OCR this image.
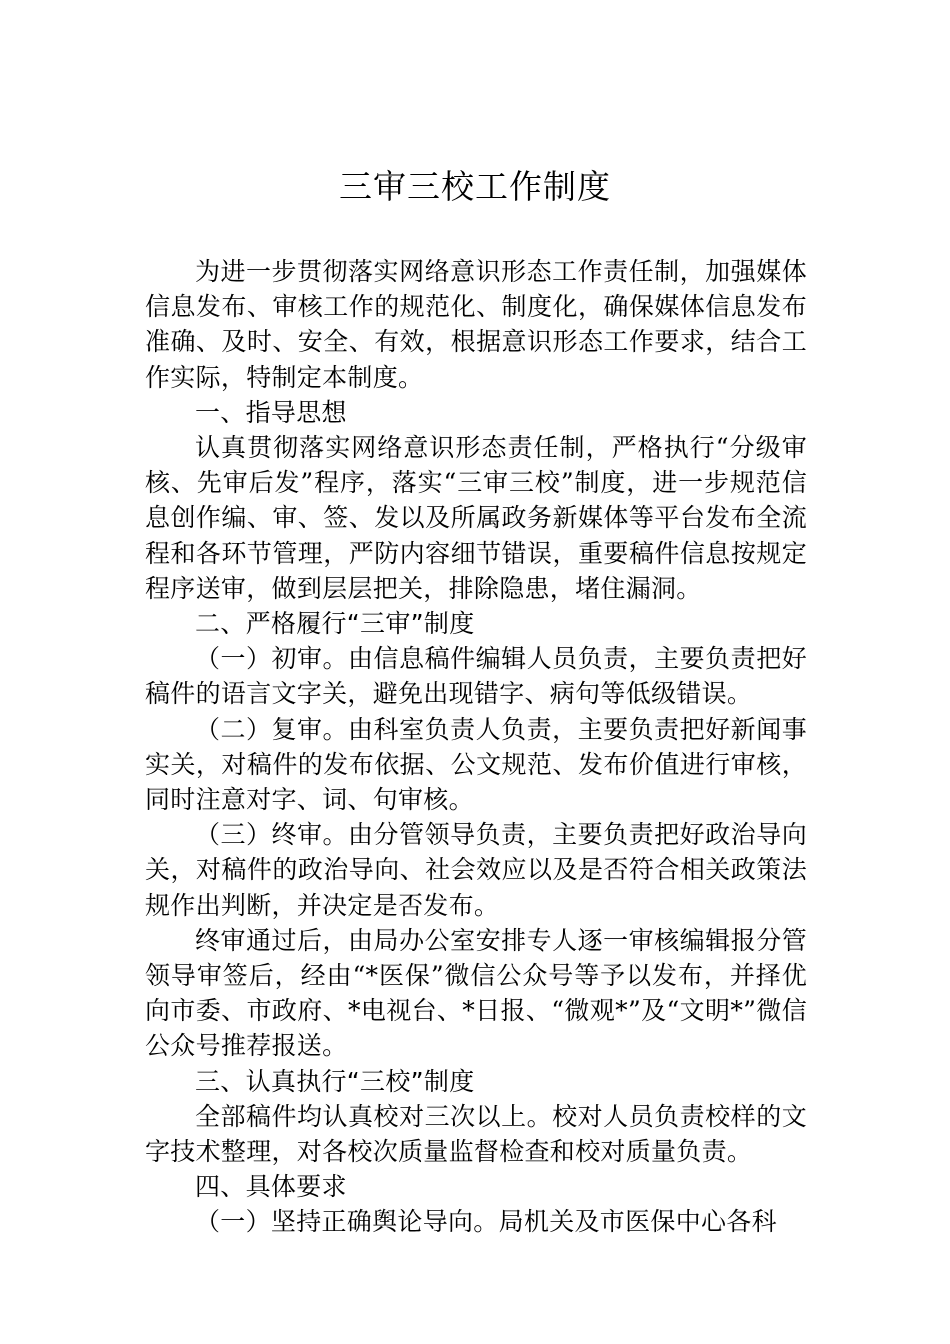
三审三校工作制度

为进一步贯彻落实网络意识形态工作责任制，加强媒体信息发布、审核工作的规范化、制度化，确保媒体信息发布准确、及时、安全、有效，根据意识形态工作要求，结合工作实际，特制定本制度。

一、指导思想

认真贯彻落实网络意识形态责任制，严格执行“分级审核、先审后发”程序，落实“三审三校”制度，进一步规范信息创作编、审、签、发以及所属政务新媒体等平台发布全流程和各环节管理，严防内容细节错误，重要稿件信息按规定程序送审，做到层层把关，排除隐患，堵住漏洞。

二、严格履行“三审”制度

（一）初审。由信息稿件编辑人员负责，主要负责把好稿件的语言文字关，避免出现错字、病句等低级错误。

（二）复审。由科室负责人负责，主要负责把好新闻事实关，对稿件的发布依据、公文规范、发布价值进行审核，同时注意对字、词、句审核。

（三）终审。由分管领导负责，主要负责把好政治导向关，对稿件的政治导向、社会效应以及是否符合相关政策法规作出判断，并决定是否发布。

终审通过后，由局办公室安排专人逐一审核编辑报分管领导审签后，经由“*医保”微信公众号等予以发布，并择优向市委、市政府、*电视台、*日报、“微观*”及“文明*”微信公众号推荐报送。

三、认真执行“三校”制度

全部稿件均认真校对三次以上。校对人员负责校样的文字技术整理，对各校次质量监督检查和校对质量负责。

四、具体要求

（一）坚持正确舆论导向。局机关及市医保中心各科
